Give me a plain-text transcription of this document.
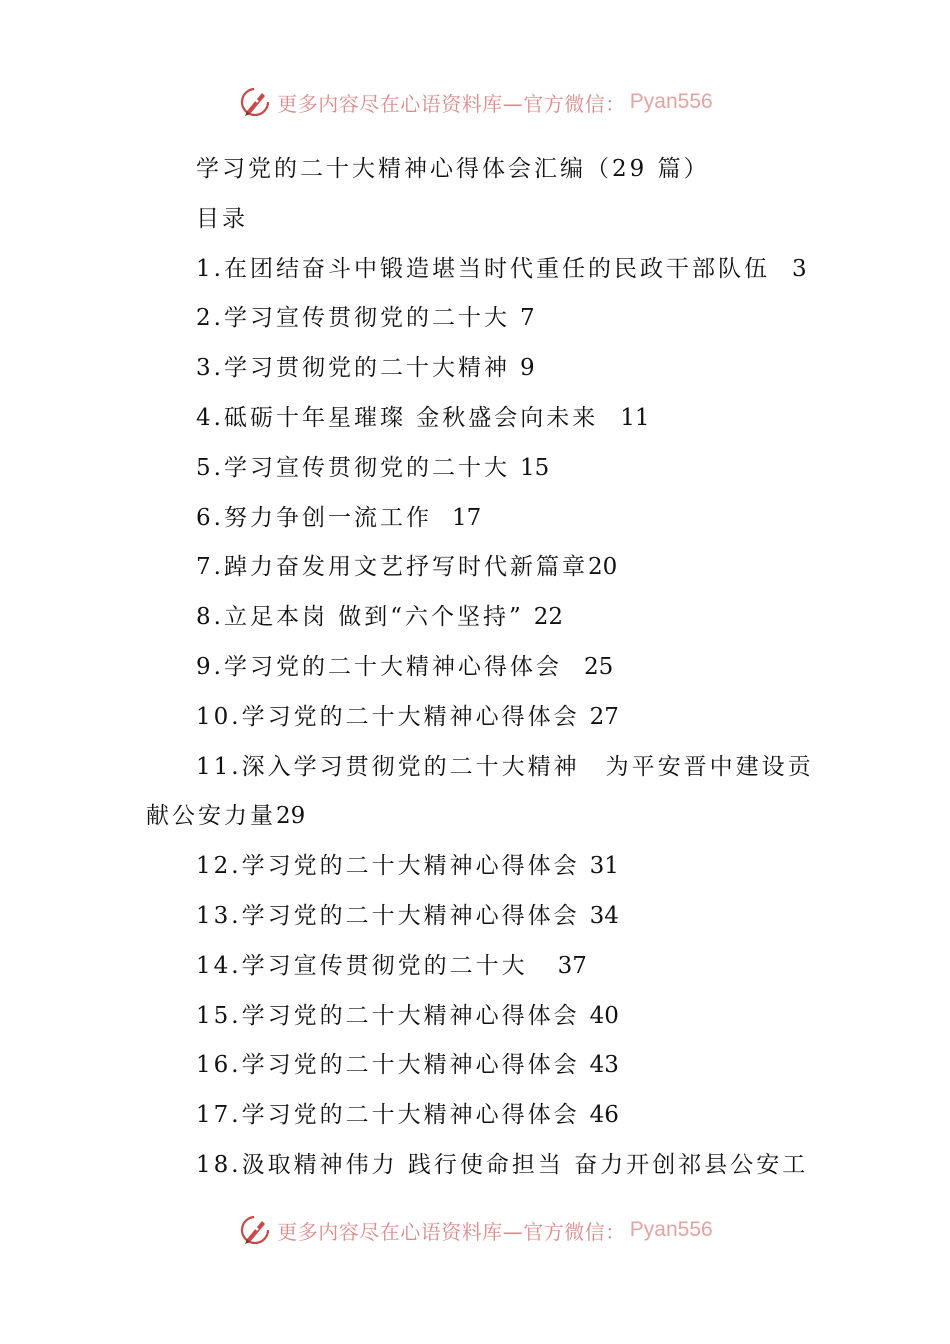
更多内容尽在心语资料库—官方微信： Pyan556
学习党的二十大精神心得体会汇编（29 篇）
目录
1.在团结奋斗中锻造堪当时代重任的民政干部队伍 3
2.学习宣传贯彻党的二十大 7
3.学习贯彻党的二十大精神 9
4.砥砺十年星璀璨 金秋盛会向未来 11
5.学习宣传贯彻党的二十大 15
6.努力争创一流工作 17
7.踔力奋发用文艺抒写时代新篇章20
8.立足本岗 做到“六个坚持” 22
9.学习党的二十大精神心得体会 25
10.学习党的二十大精神心得体会 27
11.深入学习贯彻党的二十大精神　为平安晋中建设贡
献公安力量29
12.学习党的二十大精神心得体会 31
13.学习党的二十大精神心得体会 34
14.学习宣传贯彻党的二十大 37
15.学习党的二十大精神心得体会 40
16.学习党的二十大精神心得体会 43
17.学习党的二十大精神心得体会 46
18.汲取精神伟力 践行使命担当 奋力开创祁县公安工
更多内容尽在心语资料库—官方微信： Pyan556
